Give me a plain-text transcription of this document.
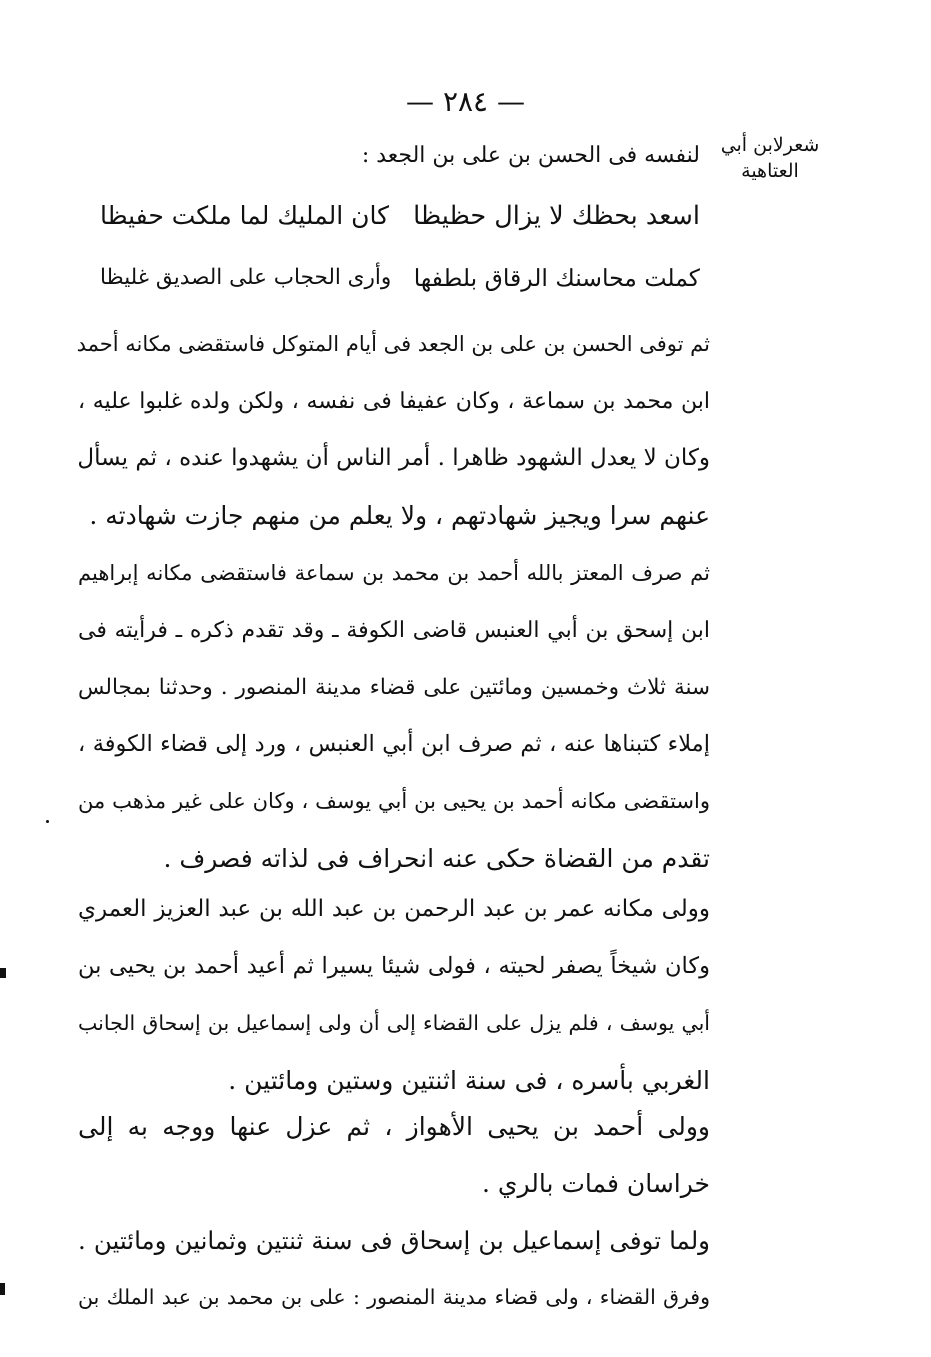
— ٢٨٤ —
شعرلابن أبي
العتاهية
لنفسه فى الحسن بن على بن الجعد :
اسعد بحظك لا يزال حظيظا
كان المليك لما ملكت حفيظا
كملت محاسنك الرقاق بلطفها
وأرى الحجاب على الصديق غليظا
ثم توفى الحسن بن على بن الجعد فى أيام المتوكل فاستقضى مكانه أحمد
ابن محمد بن سماعة ، وكان عفيفا فى نفسه ، ولكن ولده غلبوا عليه ،
وكان لا يعدل الشهود ظاهرا . أمر الناس أن يشهدوا عنده ، ثم يسأل
عنهم سرا ويجيز شهادتهم ، ولا يعلم من منهم جازت شهادته .
ثم صرف المعتز بالله أحمد بن محمد بن سماعة فاستقضى مكانه إبراهيم
ابن إسحق بن أبي العنبس قاضى الكوفة ـ وقد تقدم ذكره ـ فرأيته فى
سنة ثلاث وخمسين ومائتين على قضاء مدينة المنصور . وحدثنا بمجالس
إملاء كتبناها عنه ، ثم صرف ابن أبي العنبس ، ورد إلى قضاء الكوفة ،
واستقضى مكانه أحمد بن يحيى بن أبي يوسف ، وكان على غير مذهب من
تقدم من القضاة حكى عنه انحراف فى لذاته فصرف .
وولى مكانه عمر بن عبد الرحمن بن عبد الله بن عبد العزيز العمري
وكان شيخاً يصفر لحيته ، فولى شيئا يسيرا ثم أعيد أحمد بن يحيى بن
أبي يوسف ، فلم يزل على القضاء إلى أن ولى إسماعيل بن إسحاق الجانب
الغربي بأسره ، فى سنة اثنتين وستين ومائتين .
وولى أحمد بن يحيى الأهواز ، ثم عزل عنها ووجه به إلى
خراسان فمات بالري .
ولما توفى إسماعيل بن إسحاق فى سنة ثنتين وثمانين ومائتين .
وفرق القضاء ، ولى قضاء مدينة المنصور : على بن محمد بن عبد الملك بن
